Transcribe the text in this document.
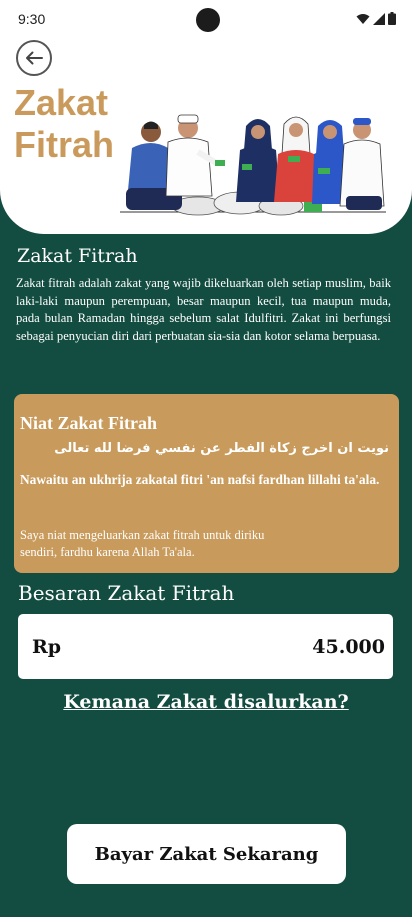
9:30
Zakat
Fitrah
Zakat Fitrah

Zakat fitrah adalah zakat yang wajib dikeluarkan oleh setiap muslim, baik laki-laki maupun perempuan, besar maupun kecil, tua maupun muda, pada bulan Ramadan hingga sebelum salat Idulfitri. Zakat ini berfungsi sebagai penyucian diri dari perbuatan sia-sia dan kotor selama berpuasa.

Niat Zakat Fitrah
نويت ان اخرج زكاة الفطر عن نفسي فرضا لله تعالى
Nawaitu an ukhrija zakatal fitri 'an nafsi fardhan lillahi ta'ala.
Saya niat mengeluarkan zakat fitrah untuk diriku sendiri, fardhu karena Allah Ta'ala.
Besaran Zakat Fitrah
Rp	45.000
Kemana Zakat disalurkan?
Bayar Zakat Sekarang
